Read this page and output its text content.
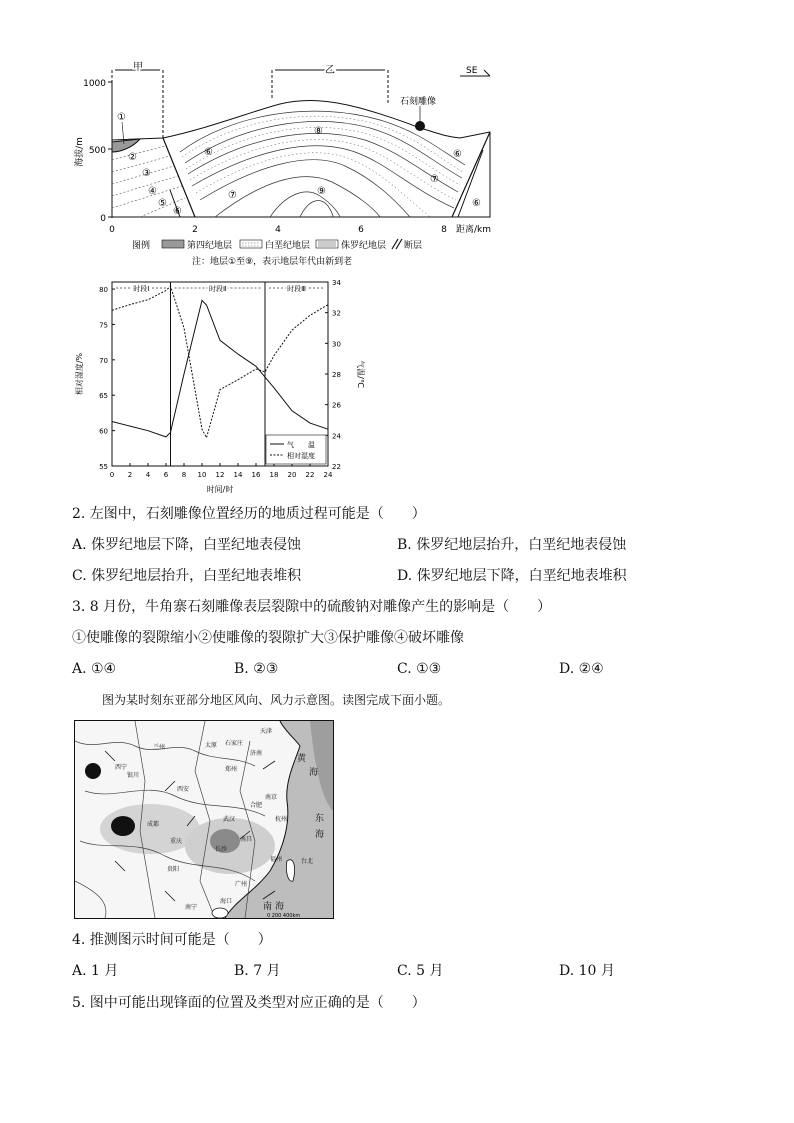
1000
500
0
海拔/m
0	2	4	6	8 距离/km
甲	乙	SE
石刻雕像
①
②
③
④
⑤
⑥
⑥
⑥
⑥
⑦
⑦
⑧
⑨
图例	第四纪地层	白垩纪地层	侏罗纪地层 断层
注：地层①至⑨，表示地层年代由新到老
0 2 4 6 8 10 12 14 16 18 20 22 24
时间/时
55
60
65
70
75
80
相对湿度/%
22
24
26
28
30
32
34
气温/℃
时段Ⅰ	时段Ⅱ	时段Ⅲ
气　　温
相对湿度
2. 左图中，石刻雕像位置经历的地质过程可能是（　　）
A. 侏罗纪地层下降，白垩纪地表侵蚀	B. 侏罗纪地层抬升，白垩纪地表侵蚀
C. 侏罗纪地层抬升，白垩纪地表堆积	D. 侏罗纪地层下降，白垩纪地表堆积
3. 8 月份，牛角寨石刻雕像表层裂隙中的硫酸钠对雕像产生的影响是（　　）
①使雕像的裂隙缩小②使雕像的裂隙扩大③保护雕像④破坏雕像
A. ①④	B. ②③	C. ①③	D. ②④
图为某时刻东亚部分地区风向、风力示意图。读图完成下面小题。
兰州	太原 石家庄
天津
济南
西宁
银川
郑州
西安
南京
合肥
武汉	杭州
成都
重庆
长沙
南昌
贵阳
福州	台北
南宁
广州
海口
黄
海
东
海
南 海
0 200 400km
4. 推测图示时间可能是（　　）
A. 1 月	B. 7 月	C. 5 月	D. 10 月
5. 图中可能出现锋面的位置及类型对应正确的是（　　）
